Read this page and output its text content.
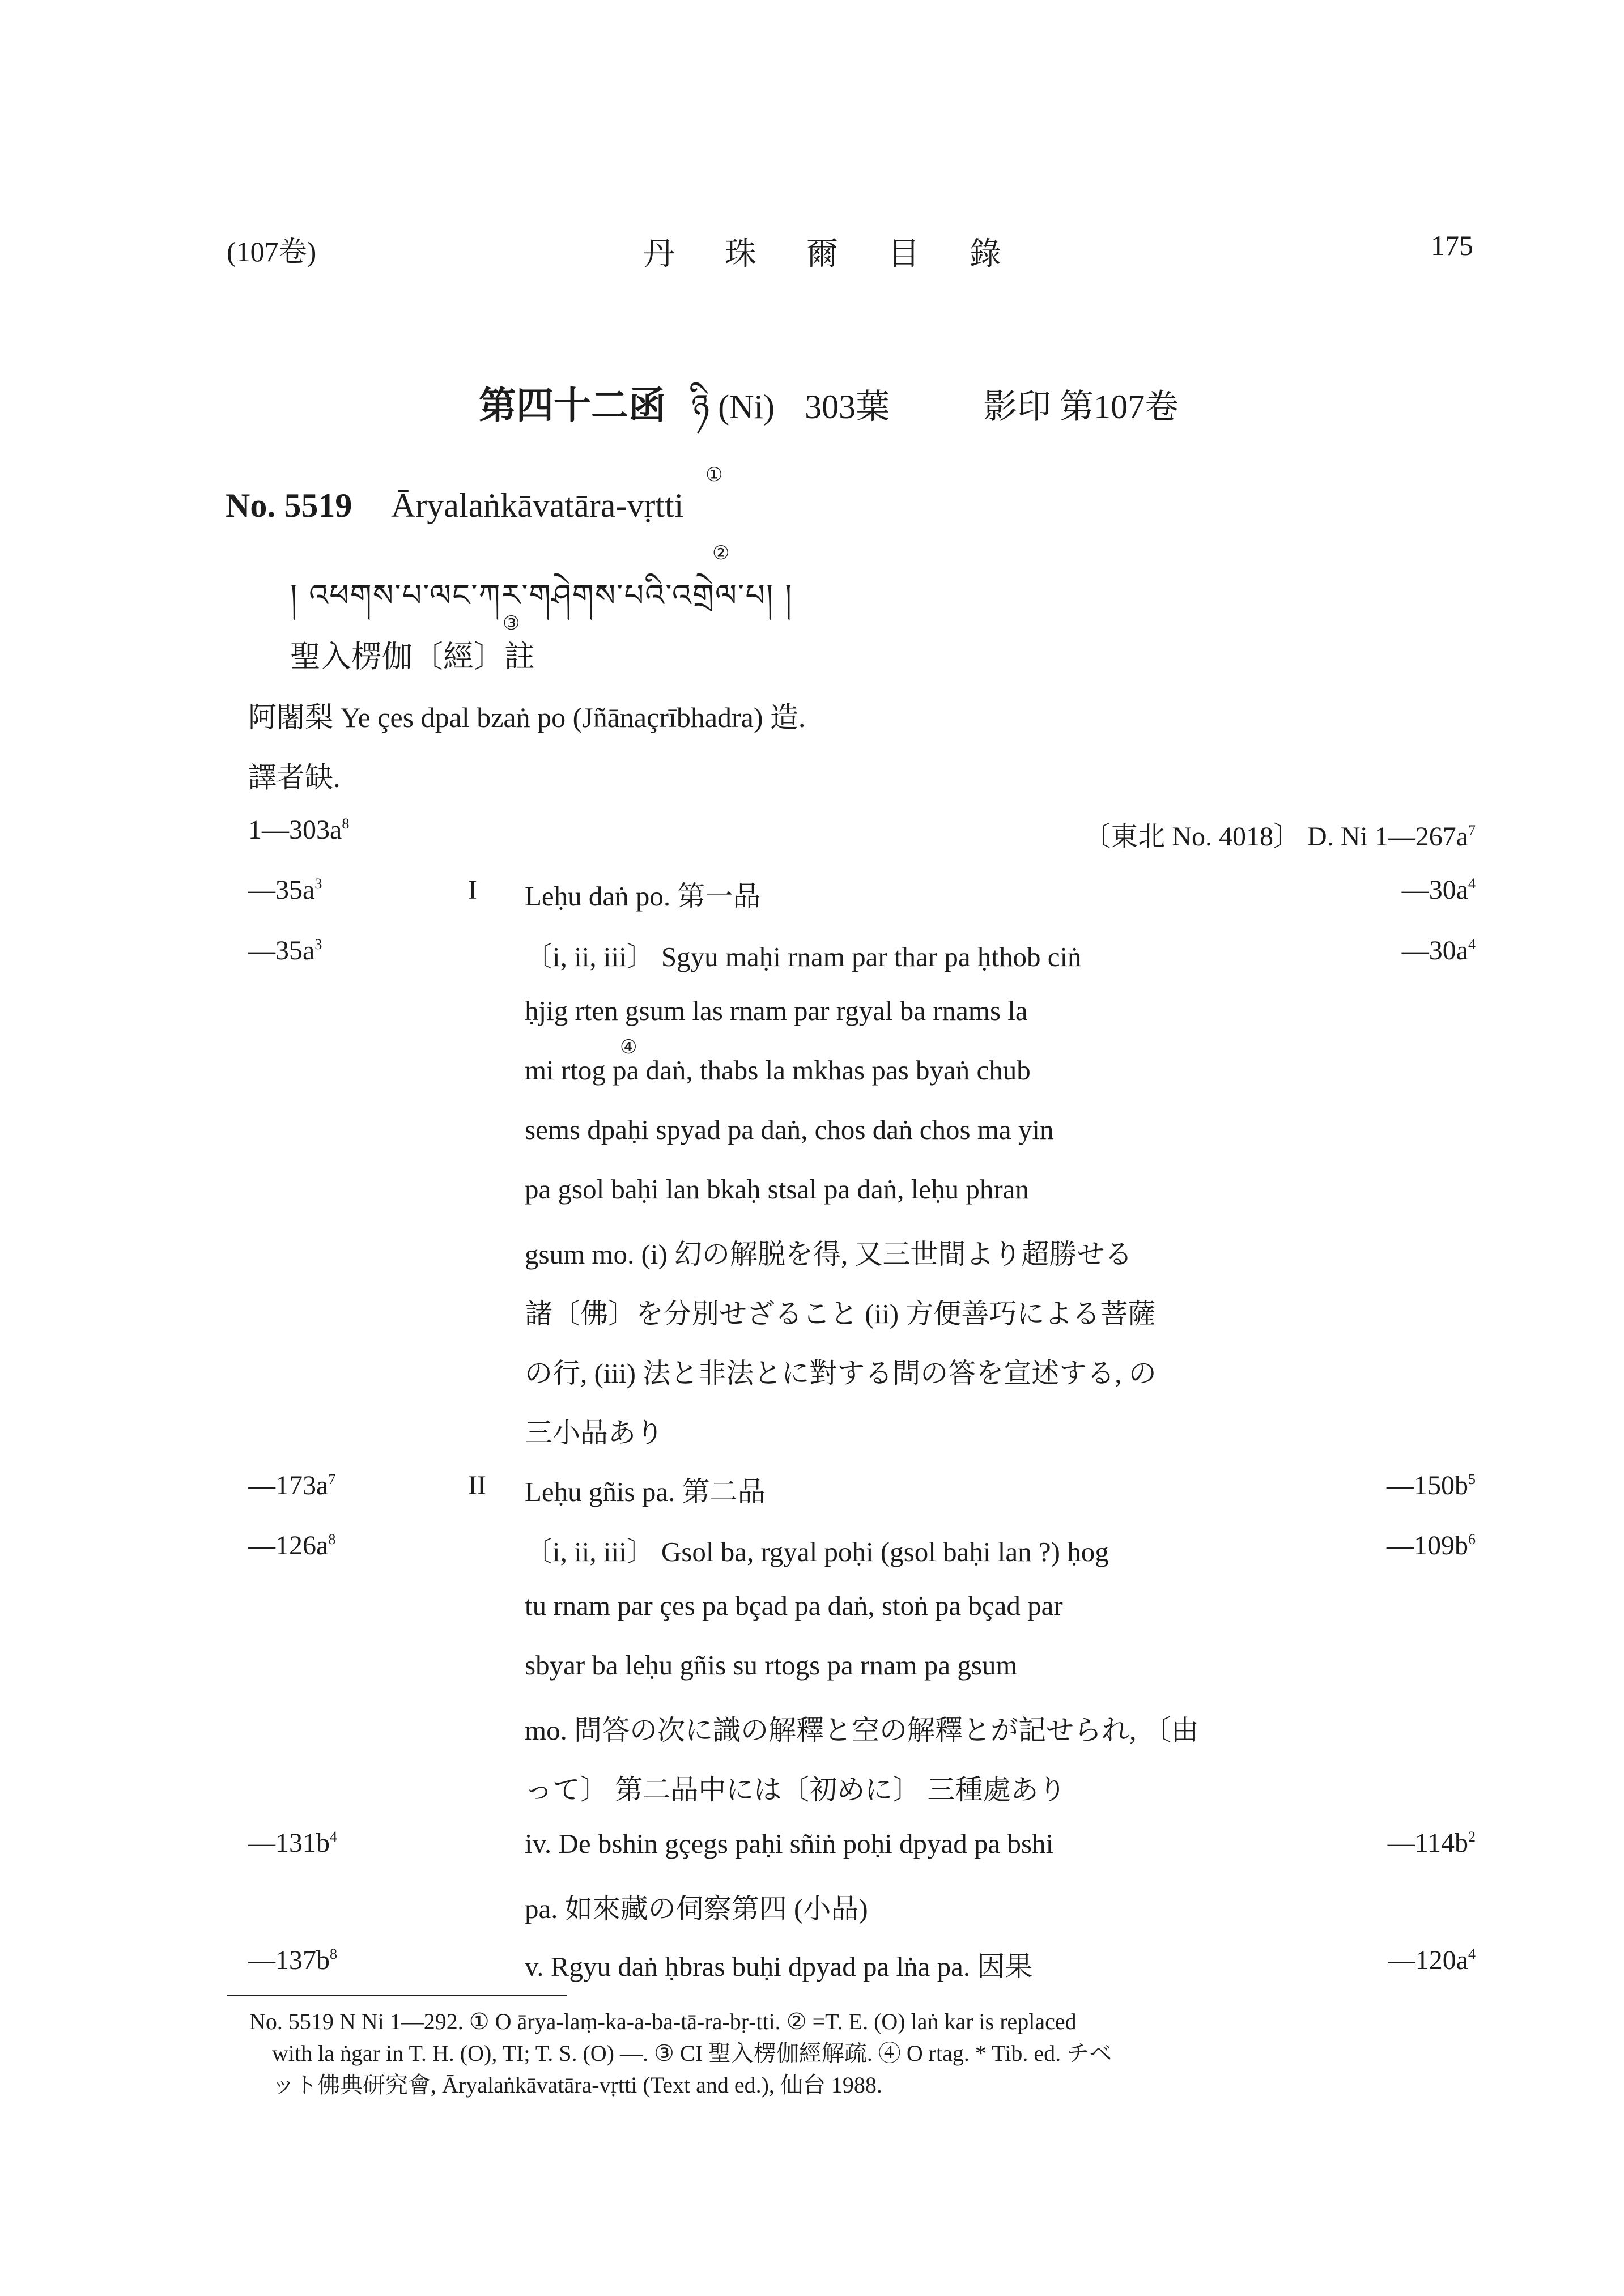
(107卷)	丹珠爾目錄	175
第四十二函 ཉི (Ni) 303葉	影印 第107卷
No. 5519 Āryalaṅkāvatāra-vṛtti
①
། འཕགས་པ་ལང་ཀར་གཤེགས་པའི་འགྲེལ་པ། །
②
聖入楞伽〔經〕註
③
阿闍梨 Ye çes dpal bzaṅ po (Jñānaçrībhadra) 造.
譯者缺.
$1—303a^8$	〔東北 No. 4018〕 D. Ni $1—267a^7$
$—35a^3$	I Leḥu daṅ po. 第一品	$—30a^4$
$—35a^3$	〔i, ii, iii〕 Sgyu maḥi rnam par thar pa ḥthob ciṅ	$—30a^4$
ḥjig rten gsum las rnam par rgyal ba rnams la
mi rtog pa daṅ, thabs la mkhas pas byaṅ chub
④
sems dpaḥi spyad pa daṅ, chos daṅ chos ma yin
pa gsol baḥi lan bkaḥ stsal pa daṅ, leḥu phran
gsum mo. (i) 幻の解脱を得, 又三世間より超勝せる
諸〔佛〕を分別せざること (ii) 方便善巧による菩薩
の行, (iii) 法と非法とに對する問の答を宣述する, の
三小品あり
$—173a^7$	II Leḥu gñis pa. 第二品	$—150b^5$
$—126a^8$	〔i, ii, iii〕 Gsol ba, rgyal poḥi (gsol baḥi lan ?) ḥog	$—109b^6$
tu rnam par çes pa bçad pa daṅ, stoṅ pa bçad par
sbyar ba leḥu gñis su rtogs pa rnam pa gsum
mo. 問答の次に識の解釋と空の解釋とが記せられ, 〔由
って〕 第二品中には〔初めに〕 三種處あり
$—131b^4$	iv. De bshin gçegs paḥi sñiṅ poḥi dpyad pa bshi	$—114b^2$
pa. 如來藏の伺察第四 (小品)
$—137b^8$	v. Rgyu daṅ ḥbras buḥi dpyad pa lṅa pa. 因果	$—120a^4$
No. 5519 N Ni 1—292. ① O ārya-laṃ-ka-a-ba-tā-ra-bṛ-tti. ② =T. E. (O) laṅ kar is replaced
with la ṅgar in T. H. (O), TI; T. S. (O) —. ③ CI 聖入楞伽經解疏. ④ O rtag. * Tib. ed. チベ
ット佛典研究會, Āryalaṅkāvatāra-vṛtti (Text and ed.), 仙台 1988.
